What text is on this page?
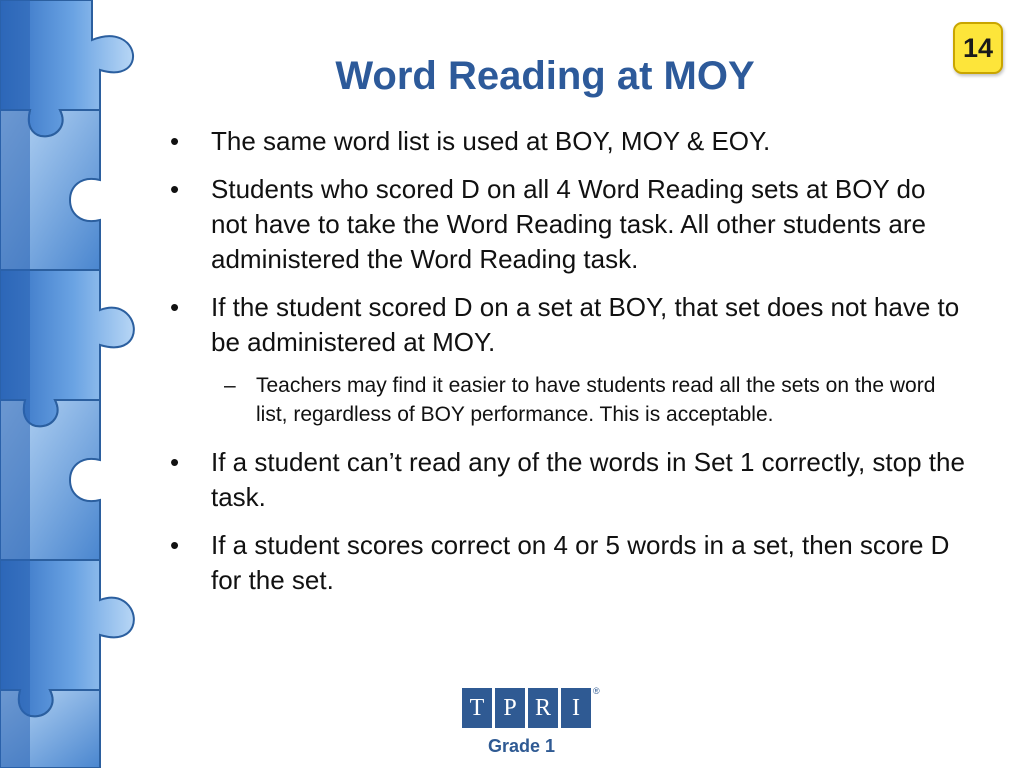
14
Word Reading at MOY
• The same word list is used at BOY, MOY & EOY.
• Students who scored D on all 4 Word Reading sets at BOY do not have to take the Word Reading task. All other students are administered the Word Reading task.
• If the student scored D on a set at BOY, that set does not have to be administered at MOY.
– Teachers may find it easier to have students read all the sets on the word list, regardless of BOY performance. This is acceptable.
• If a student can’t read any of the words in Set 1 correctly, stop the task.
• If a student scores correct on 4 or 5 words in a set, then score D for the set.
T P R I
®
Grade 1
